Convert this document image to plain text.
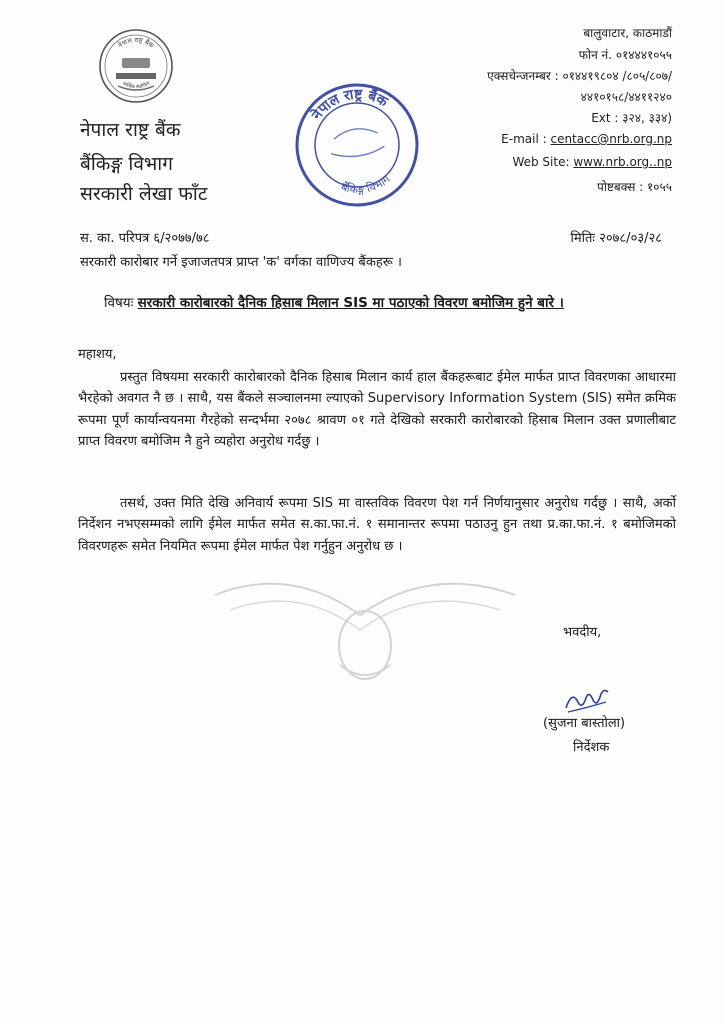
नेपाल राष्ट्र बैंक
आर्थिक स्थायित्व
नेपाल राष्ट्र बैंक
बैंकिङ्ग विभाग
सरकारी लेखा फाँट
नेपाल राष्ट्र बैंक
बैंकिङ्ग विभाग
बालुवाटार, काठमाडौं
फोन नं. ०१४४४१०५५
एक्सचेन्जनम्बर : ०१४४१९८०४ /८०५/८०७/
४४१०१५८/४४११२४०
Ext : ३२४, ३३४)
E-mail : centacc@nrb.org.np
Web Site: www.nrb.org..np
पोष्टबक्स : १०५५
स. का. परिपत्र ६/२०७७/७८	मितिः २०७८/०३/२८
सरकारी कारोबार गर्ने इजाजतपत्र प्राप्त 'क' वर्गका वाणिज्य बैंकहरू ।
विषयः सरकारी कारोबारको दैनिक हिसाब मिलान SIS मा पठाएको विवरण बमोजिम हुने बारे ।
महाशय,
प्रस्तुत विषयमा सरकारी कारोबारको दैनिक हिसाब मिलान कार्य हाल बैंकहरूबाट ईमेल मार्फत प्राप्त विवरणका आधारमा भैरहेको अवगत नै छ । साथै, यस बैंकले सञ्चालनमा ल्याएको Supervisory Information System (SIS) समेत क्रमिक रूपमा पूर्ण कार्यान्वयनमा गैरहेको सन्दर्भमा २०७८ श्रावण ०१ गते देखिको सरकारी कारोबारको हिसाब मिलान उक्त प्रणालीबाट प्राप्त विवरण बमोजिम नै हुने व्यहोरा अनुरोध गर्दछु ।
तसर्थ, उक्त मिति देखि अनिवार्य रूपमा SIS मा वास्तविक विवरण पेश गर्न निर्णयानुसार अनुरोध गर्दछु । साथै, अर्को निर्देशन नभएसम्मको लागि ईमेल मार्फत समेत स.का.फा.नं. १ समानान्तर रूपमा पठाउनु हुन तथा प्र.का.फा.नं. १ बमोजिमको विवरणहरू समेत नियमित रूपमा ईमेल मार्फत पेश गर्नुहुन अनुरोध छ ।
भवदीय,
(सुजना बास्तोला)
निर्देशक
